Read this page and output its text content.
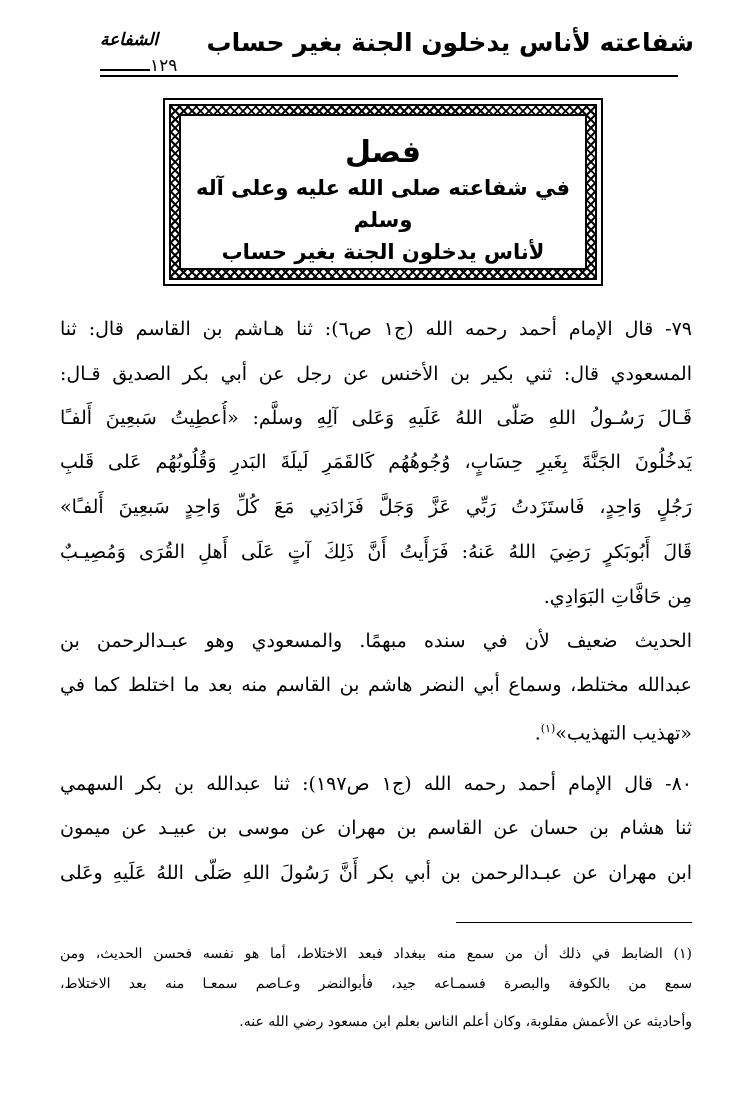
شفاعته لأناس يدخلون الجنة بغير حساب
الشفاعة
١٢٩
فصل
في شفاعته صلى الله عليه وعلى آله وسلم
لأناس يدخلون الجنة بغير حساب
٧٩- قال الإمام أحمد رحمه الله (ج١ ص٦): ثنا هـاشم بن القاسم قال: ثنا
المسعودي قال: ثني بكير بن الأخنس عن رجل عن أبي بكر الصديق قـال:
قَـالَ رَسُـولُ اللهِ صَلّى اللهُ عَلَيهِ وَعَلى آلِهِ وسلَّم: «أُعطِيتُ سَبعِينَ أَلفـًا
يَدخُلُونَ الجَنَّةَ بِغَيرِ حِسَابٍ، وُجُوهُهُم كَالقَمَرِ لَيلَةَ البَدرِ وَقُلُوبُهُم عَلى قَلبِ
رَجُلٍ وَاحِدٍ، فَاستَزَدتُ رَبِّي عَزَّ وَجَلَّ فَزَادَنِي مَعَ كُلِّ وَاحِدٍ سَبعِينَ أَلفـًا»
قَالَ أَبُوبَكرٍ رَضِيَ اللهُ عَنهُ: فَرَأَيتُ أَنَّ ذَلِكَ آتٍ عَلَى أَهلِ القُرَى وَمُصِيـبٌ
مِن حَافَّاتِ البَوَادِي.
الحديث ضعيف لأن في سنده مبهمًا. والمسعودي وهو عبـدالرحمن بن
عبدالله مختلط، وسماع أبي النضر هاشم بن القاسم منه بعد ما اختلط كما في
«تهذيب التهذيب»$^{(١)}$.
٨٠- قال الإمام أحمد رحمه الله (ج١ ص١٩٧): ثنا عبدالله بن بكر السهمي
ثنا هشام بن حسان عن القاسم بن مهران عن موسى بن عبيـد عن ميمون
ابن مهران عن عبـدالرحمن بن أبي بكر أَنَّ رَسُولَ اللهِ صَلّى اللهُ عَلَيهِ وعَلى
(١) الضابط في ذلك أن من سمع منه ببغداد فبعد الاختلاط، أما هو نفسه فحسن الحديث، ومن
سمع من بالكوفة والبصرة فسمـاعه جيد، فأبوالنضر وعـاصم سمعـا منه بعد الاختلاط،
وأحاديثه عن الأعمش مقلوبة، وكان أعلم الناس بعلم ابن مسعود رضي الله عنه.
